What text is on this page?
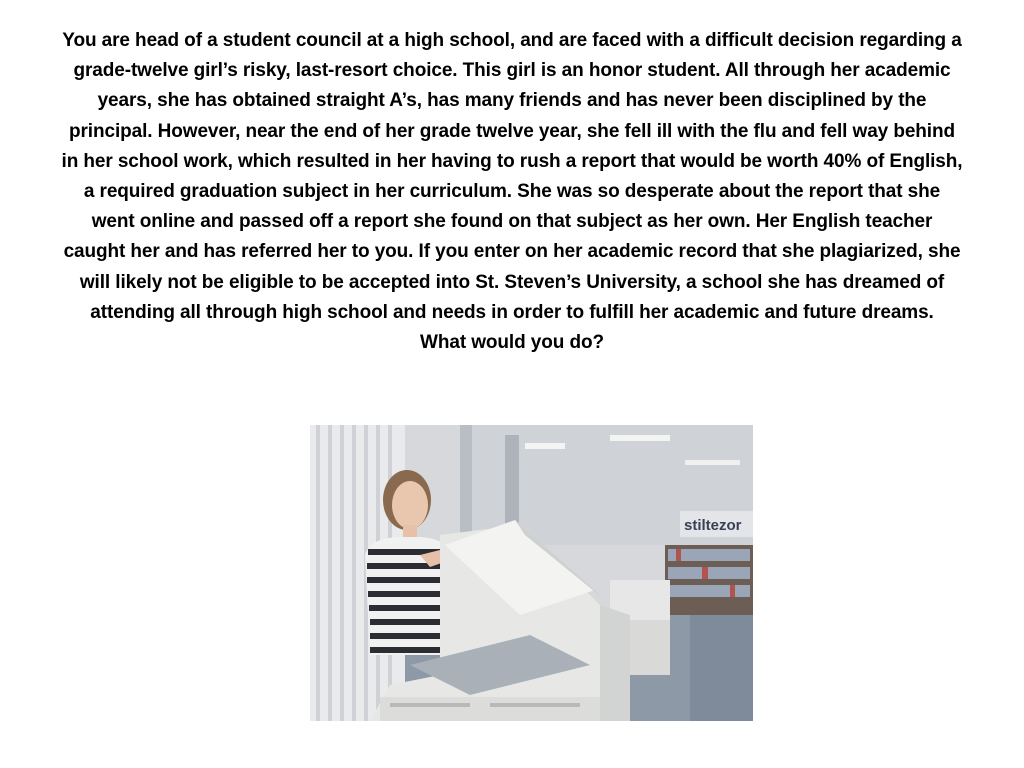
You are head of a student council at a high school, and are faced with a difficult decision regarding a grade-twelve girl’s risky, last-resort choice. This girl is an honor student. All through her academic years, she has obtained straight A’s, has many friends and has never been disciplined by the principal. However, near the end of her grade twelve year, she fell ill with the flu and fell way behind in her school work, which resulted in her having to rush a report that would be worth 40% of English, a required graduation subject in her curriculum. She was so desperate about the report that she went online and passed off a report she found on that subject as her own. Her English teacher caught her and has referred her to you. If you enter on her academic record that she plagiarized, she will likely not be eligible to be accepted into St. Steven’s University, a school she has dreamed of attending all through high school and needs in order to fulfill her academic and future dreams.

What would you do?

stiltezor
